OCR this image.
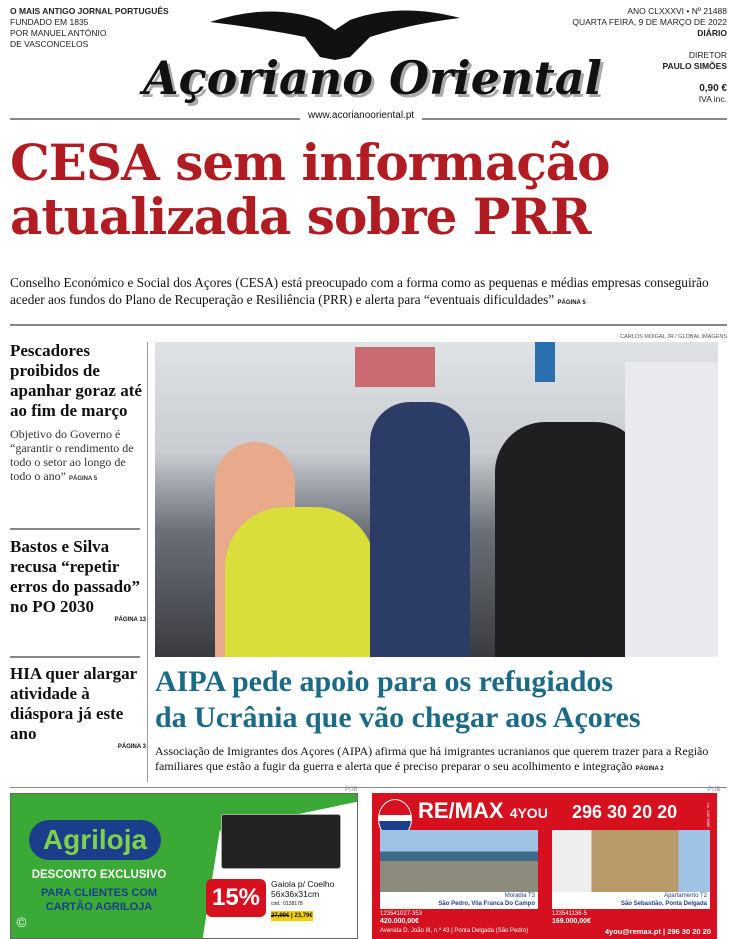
O MAIS ANTIGO JORNAL PORTUGUÊS
FUNDADO EM 1835
POR MANUEL ANTÓNIO
DE VASCONCELOS
Açoriano Oriental
ANO CLXXXVI • Nº 21488
QUARTA FEIRA, 9 DE MARÇO DE 2022
DIÁRIO

DIRETOR
PAULO SIMÕES

0,90 €
IVA inc.
www.acorianooriental.pt
CESA sem informação
atualizada sobre PRR
Conselho Económico e Social dos Açores (CESA) está preocupado com a forma como as pequenas e médias empresas conseguirão aceder aos fundos do Plano de Recuperação e Resiliência (PRR) e alerta para “eventuais dificuldades” PÁGINA 5
CARLOS MOIGAL JR./ GLOBAL IMAGENS
Pescadores proibidos de apanhar goraz até ao fim de março
Objetivo do Governo é “garantir o rendimento de todo o setor ao longo de todo o ano” PÁGINA 5
Bastos e Silva recusa “repetir erros do passado” no PO 2030
PÁGINA 13
HIA quer alargar atividade à diáspora já este ano
PÁGINA 3
AIPA pede apoio para os refugiados
da Ucrânia que vão chegar aos Açores
Associação de Imigrantes dos Açores (AIPA) afirma que há imigrantes ucranianos que querem trazer para a Região familiares que estão a fugir da guerra e alerta que é preciso preparar o seu acolhimento e integração PÁGINA 2
PUB	PUB
Agriloja
DESCONTO EXCLUSIVO
PARA CLIENTES COM
CARTÃO AGRILOJA
©
15%	Gaiola p/ Coelho
56x36x31cm
cód.: 0138178
27,99€ | 23,79€
RE/MAX 4YOU 296 30 20 20	Lic. AMI 9580
Moradia T3
São Pedro, Vila Franca Do Campo
123541027-353
420.000,00€
Apartamento T2
São Sebastião, Ponta Delgada
123541136-5
169.000,00€
Avenida D. João III, n.º 43 | Ponta Delgada (São Pedro)	4you@remax.pt | 296 30 20 20
